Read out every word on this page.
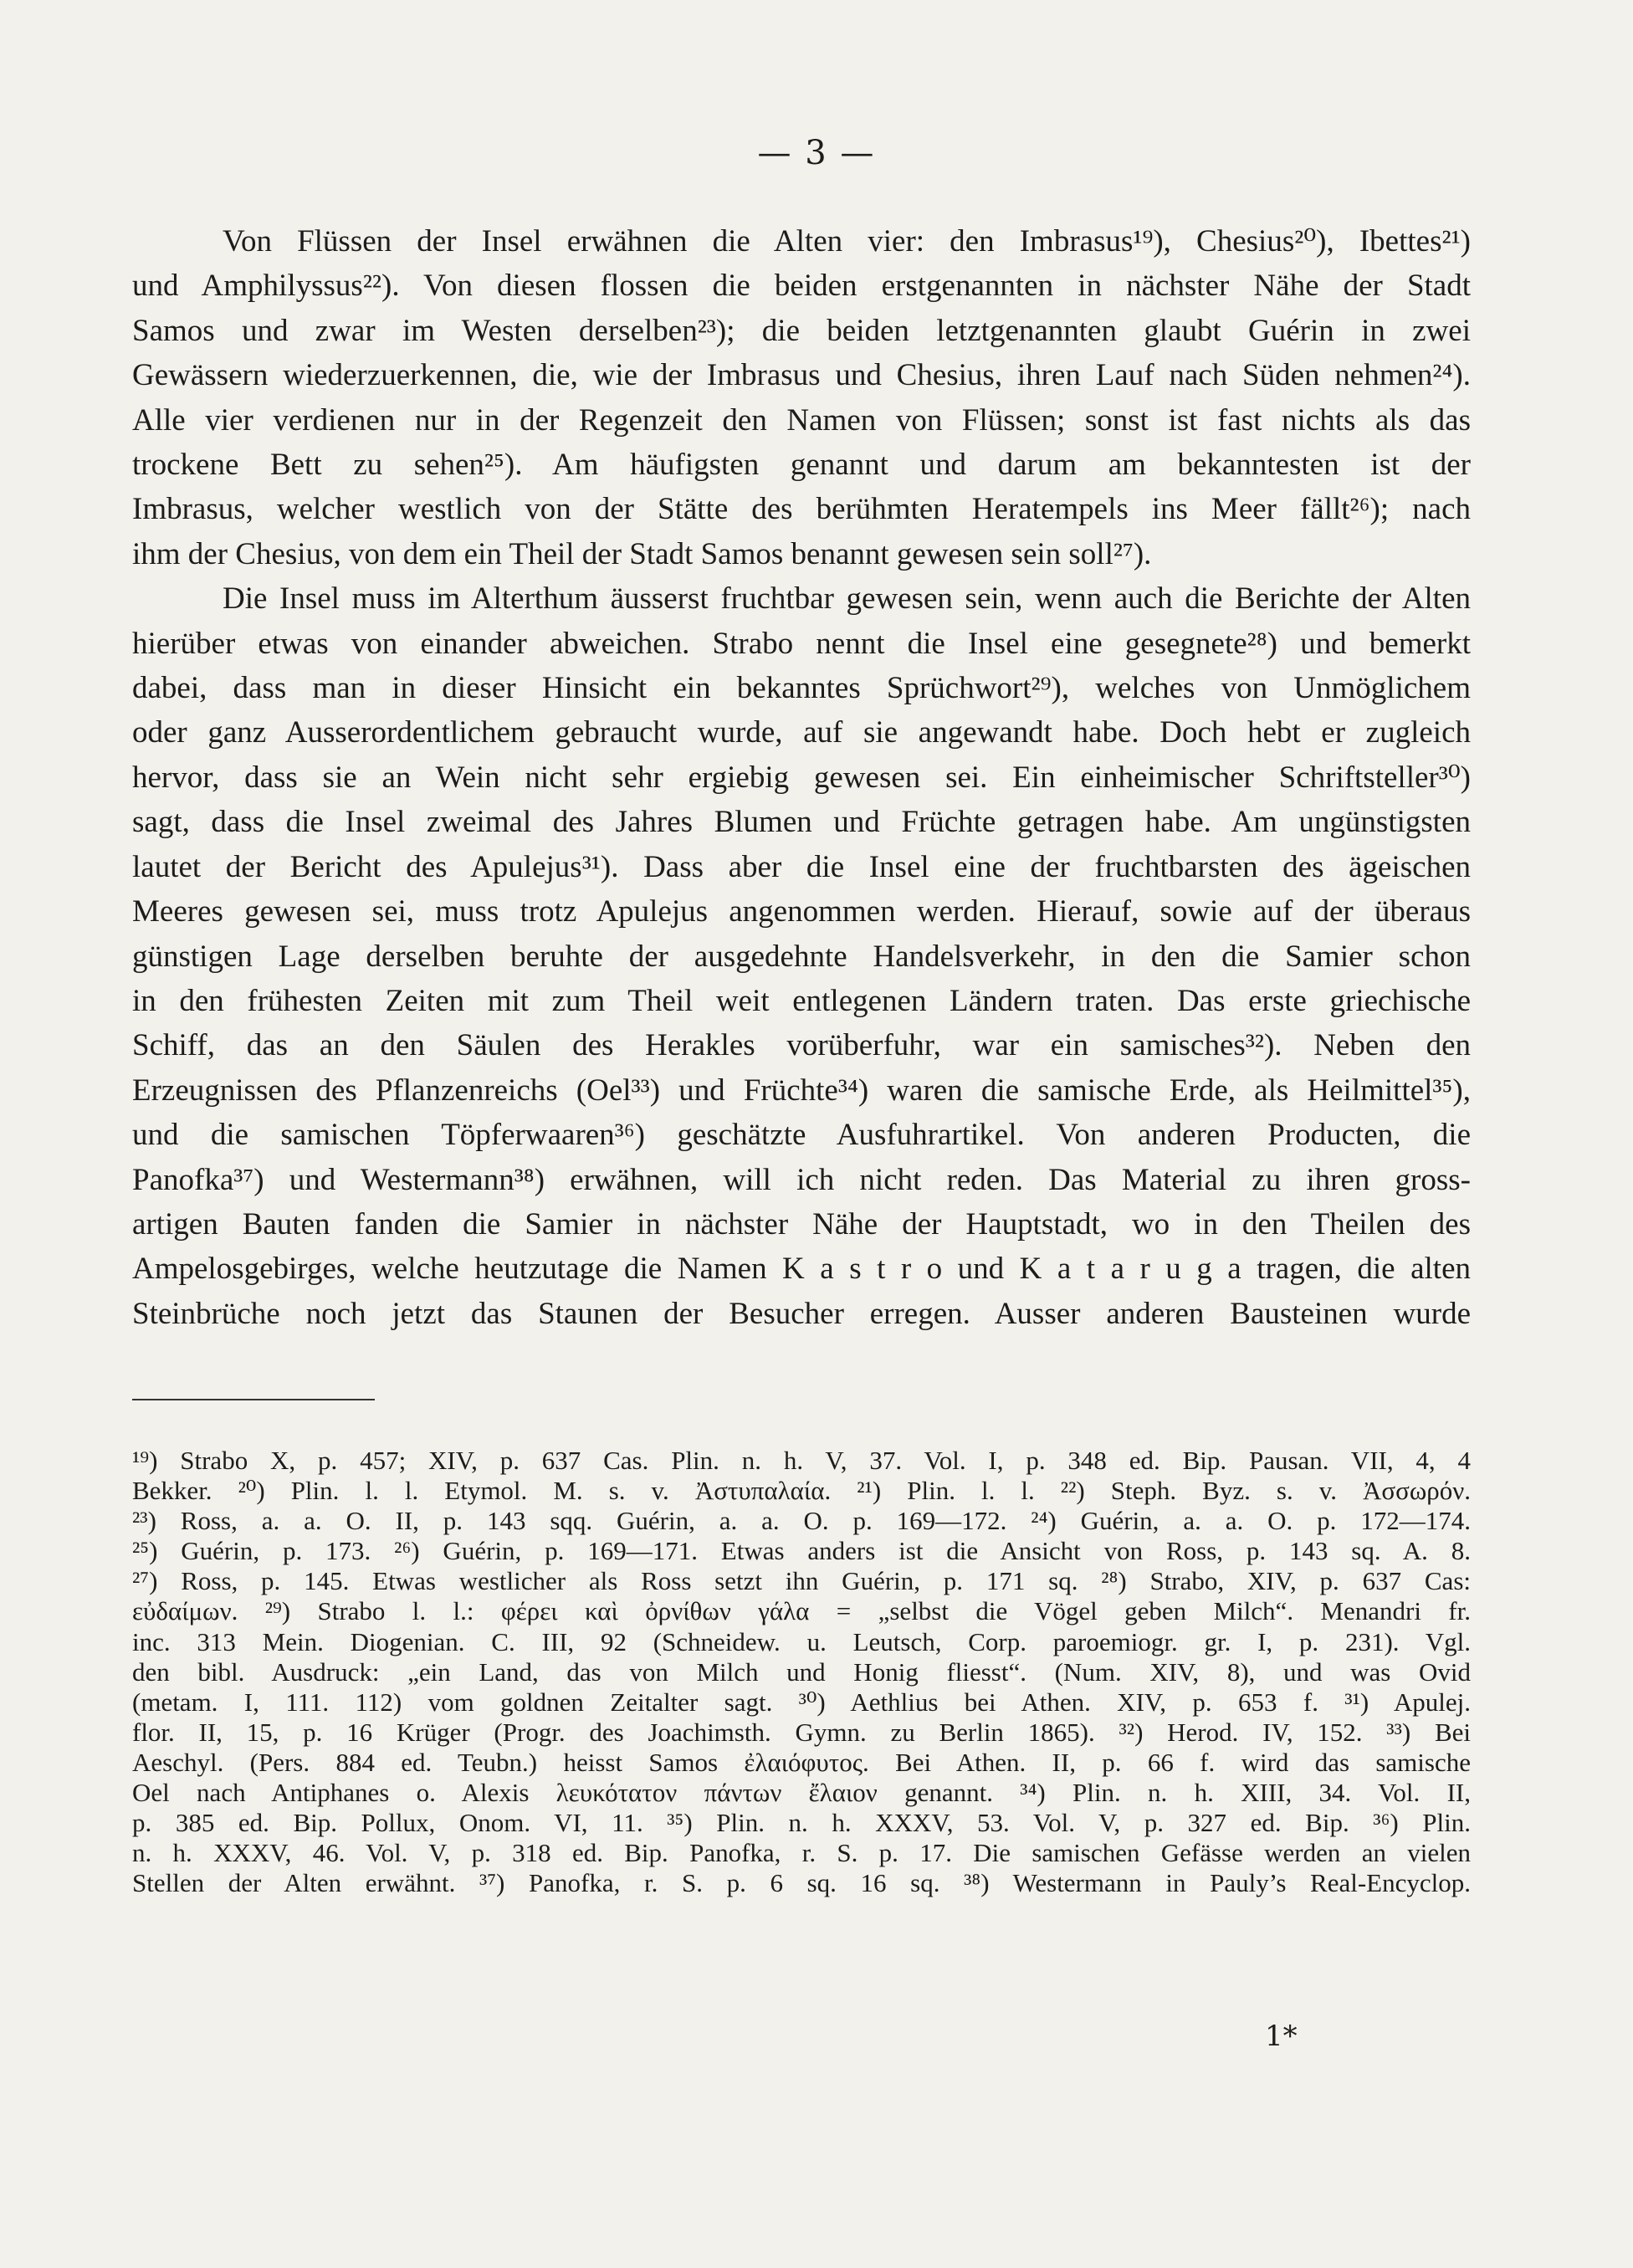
— 3 —
Von Flüssen der Insel erwähnen die Alten vier: den Imbrasus¹⁹), Chesius²⁰), Ibettes²¹)
und Amphilyssus²²). Von diesen flossen die beiden erstgenannten in nächster Nähe der Stadt
Samos und zwar im Westen derselben²³); die beiden letztgenannten glaubt Guérin in zwei
Gewässern wiederzuerkennen, die, wie der Imbrasus und Chesius, ihren Lauf nach Süden nehmen²⁴).
Alle vier verdienen nur in der Regenzeit den Namen von Flüssen; sonst ist fast nichts als das
trockene Bett zu sehen²⁵). Am häufigsten genannt und darum am bekanntesten ist der
Imbrasus, welcher westlich von der Stätte des berühmten Heratempels ins Meer fällt²⁶); nach
ihm der Chesius, von dem ein Theil der Stadt Samos benannt gewesen sein soll²⁷).
Die Insel muss im Alterthum äusserst fruchtbar gewesen sein, wenn auch die Berichte der Alten
hierüber etwas von einander abweichen. Strabo nennt die Insel eine gesegnete²⁸) und bemerkt
dabei, dass man in dieser Hinsicht ein bekanntes Sprüchwort²⁹), welches von Unmöglichem
oder ganz Ausserordentlichem gebraucht wurde, auf sie angewandt habe. Doch hebt er zugleich
hervor, dass sie an Wein nicht sehr ergiebig gewesen sei. Ein einheimischer Schriftsteller³⁰)
sagt, dass die Insel zweimal des Jahres Blumen und Früchte getragen habe. Am ungünstigsten
lautet der Bericht des Apulejus³¹). Dass aber die Insel eine der fruchtbarsten des ägeischen
Meeres gewesen sei, muss trotz Apulejus angenommen werden. Hierauf, sowie auf der überaus
günstigen Lage derselben beruhte der ausgedehnte Handelsverkehr, in den die Samier schon
in den frühesten Zeiten mit zum Theil weit entlegenen Ländern traten. Das erste griechische
Schiff, das an den Säulen des Herakles vorüberfuhr, war ein samisches³²). Neben den
Erzeugnissen des Pflanzenreichs (Oel³³) und Früchte³⁴) waren die samische Erde, als Heilmittel³⁵),
und die samischen Töpferwaaren³⁶) geschätzte Ausfuhrartikel. Von anderen Producten, die
Panofka³⁷) und Westermann³⁸) erwähnen, will ich nicht reden. Das Material zu ihren gross-
artigen Bauten fanden die Samier in nächster Nähe der Hauptstadt, wo in den Theilen des
Ampelosgebirges, welche heutzutage die Namen K a s t r o und K a t a r u g a tragen, die alten
Steinbrüche noch jetzt das Staunen der Besucher erregen. Ausser anderen Bausteinen wurde
¹⁹) Strabo X, p. 457; XIV, p. 637 Cas. Plin. n. h. V, 37. Vol. I, p. 348 ed. Bip. Pausan. VII, 4, 4
Bekker. ²⁰) Plin. l. l. Etymol. M. s. v. Ἀστυπαλαία. ²¹) Plin. l. l. ²²) Steph. Byz. s. v. Ἀσσωρόν.
²³) Ross, a. a. O. II, p. 143 sqq. Guérin, a. a. O. p. 169—172. ²⁴) Guérin, a. a. O. p. 172—174.
²⁵) Guérin, p. 173. ²⁶) Guérin, p. 169—171. Etwas anders ist die Ansicht von Ross, p. 143 sq. A. 8.
²⁷) Ross, p. 145. Etwas westlicher als Ross setzt ihn Guérin, p. 171 sq. ²⁸) Strabo, XIV, p. 637 Cas:
εὐδαίμων. ²⁹) Strabo l. l.: φέρει καὶ ὀρνίθων γάλα = „selbst die Vögel geben Milch“. Menandri fr.
inc. 313 Mein. Diogenian. C. III, 92 (Schneidew. u. Leutsch, Corp. paroemiogr. gr. I, p. 231). Vgl.
den bibl. Ausdruck: „ein Land, das von Milch und Honig fliesst“. (Num. XIV, 8), und was Ovid
(metam. I, 111. 112) vom goldnen Zeitalter sagt. ³⁰) Aethlius bei Athen. XIV, p. 653 f. ³¹) Apulej.
flor. II, 15, p. 16 Krüger (Progr. des Joachimsth. Gymn. zu Berlin 1865). ³²) Herod. IV, 152. ³³) Bei
Aeschyl. (Pers. 884 ed. Teubn.) heisst Samos ἐλαιόφυτος. Bei Athen. II, p. 66 f. wird das samische
Oel nach Antiphanes o. Alexis λευκότατον πάντων ἔλαιον genannt. ³⁴) Plin. n. h. XIII, 34. Vol. II,
p. 385 ed. Bip. Pollux, Onom. VI, 11. ³⁵) Plin. n. h. XXXV, 53. Vol. V, p. 327 ed. Bip. ³⁶) Plin.
n. h. XXXV, 46. Vol. V, p. 318 ed. Bip. Panofka, r. S. p. 17. Die samischen Gefässe werden an vielen
Stellen der Alten erwähnt. ³⁷) Panofka, r. S. p. 6 sq. 16 sq. ³⁸) Westermann in Pauly’s Real-Encyclop.
1*
